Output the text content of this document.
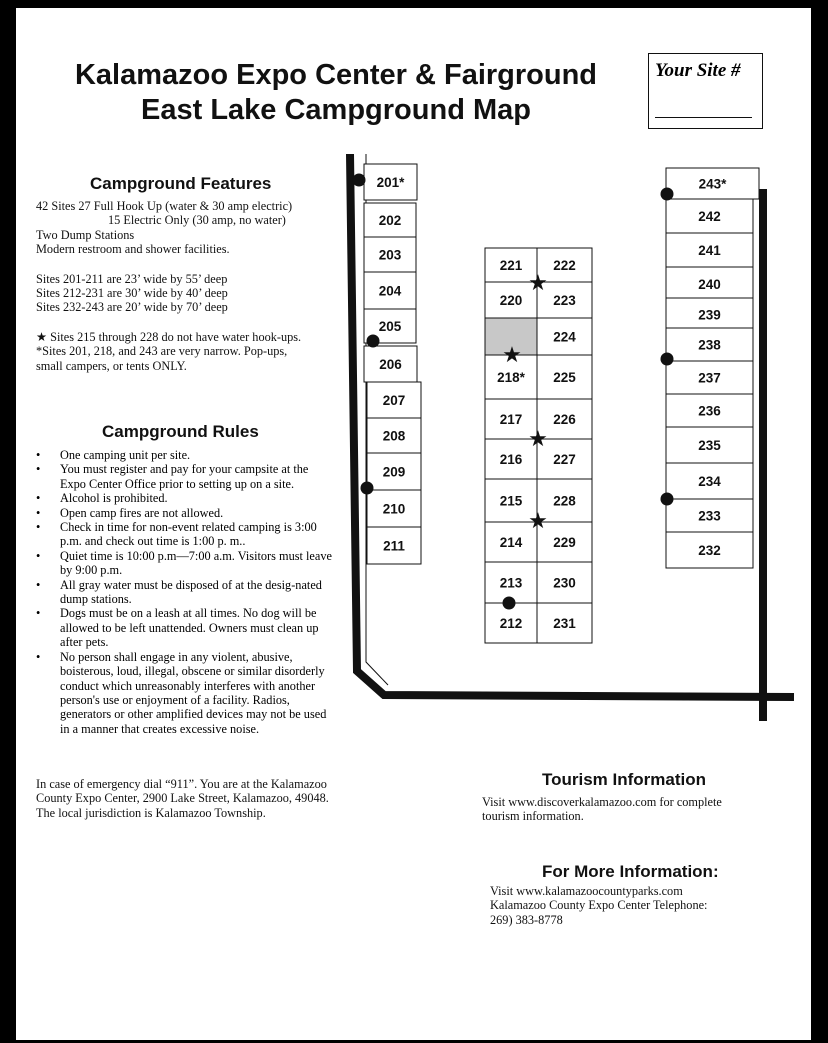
Kalamazoo Expo Center & Fairground
East Lake Campground Map
Your Site #
Campground Features

42 Sites 27 Full Hook Up (water & 30 amp electric)

15 Electric Only (30 amp, no water)

Two Dump Stations

Modern restroom and shower facilities.

Sites 201-211 are 23’ wide by 55’ deep

Sites 212-231 are 30’ wide by 40’ deep

Sites 232-243 are 20’ wide by 70’ deep

★ Sites 215 through 228 do not have water hook-ups.

*Sites 201, 218, and 243 are very narrow. Pop-ups,

small campers, or tents ONLY.

Campground Rules
• One camping unit per site.
• You must register and pay for your campsite at the Expo Center Office prior to setting up on a site.
• Alcohol is prohibited.
• Open camp fires are not allowed.
• Check in time for non-event related camping is 3:00 p.m. and check out time is 1:00 p. m..
• Quiet time is 10:00 p.m—7:00 a.m. Visitors must leave by 9:00 p.m.
• All gray water must be disposed of at the desig-nated dump stations.
• Dogs must be on a leash at all times. No dog will be allowed to be left unattended. Owners must clean up after pets.
• No person shall engage in any violent, abusive, boisterous, loud, illegal, obscene or similar disorderly conduct which unreasonably interferes with another person's use or enjoyment of a facility. Radios, generators or other amplified devices may not be used in a manner that creates excessive noise.
In case of emergency dial “911”. You are at the Kalamazoo County Expo Center, 2900 Lake Street, Kalamazoo, 49048. The local jurisdiction is Kalamazoo Township.
Tourism Information
Visit www.discoverkalamazoo.com for complete tourism information.
For More Information:

Visit www.kalamazoocountyparks.com

Kalamazoo County Expo Center Telephone:

269) 383-8778

201*
202
203
204
205
206
207
208
209
210
211
221
220
218*
217
216
215
214
213
212
222
223
224
225
226
227
228
229
230
231
243*
242
241
240
239
238
237
236
235
234
233
232
★
★
★
★
